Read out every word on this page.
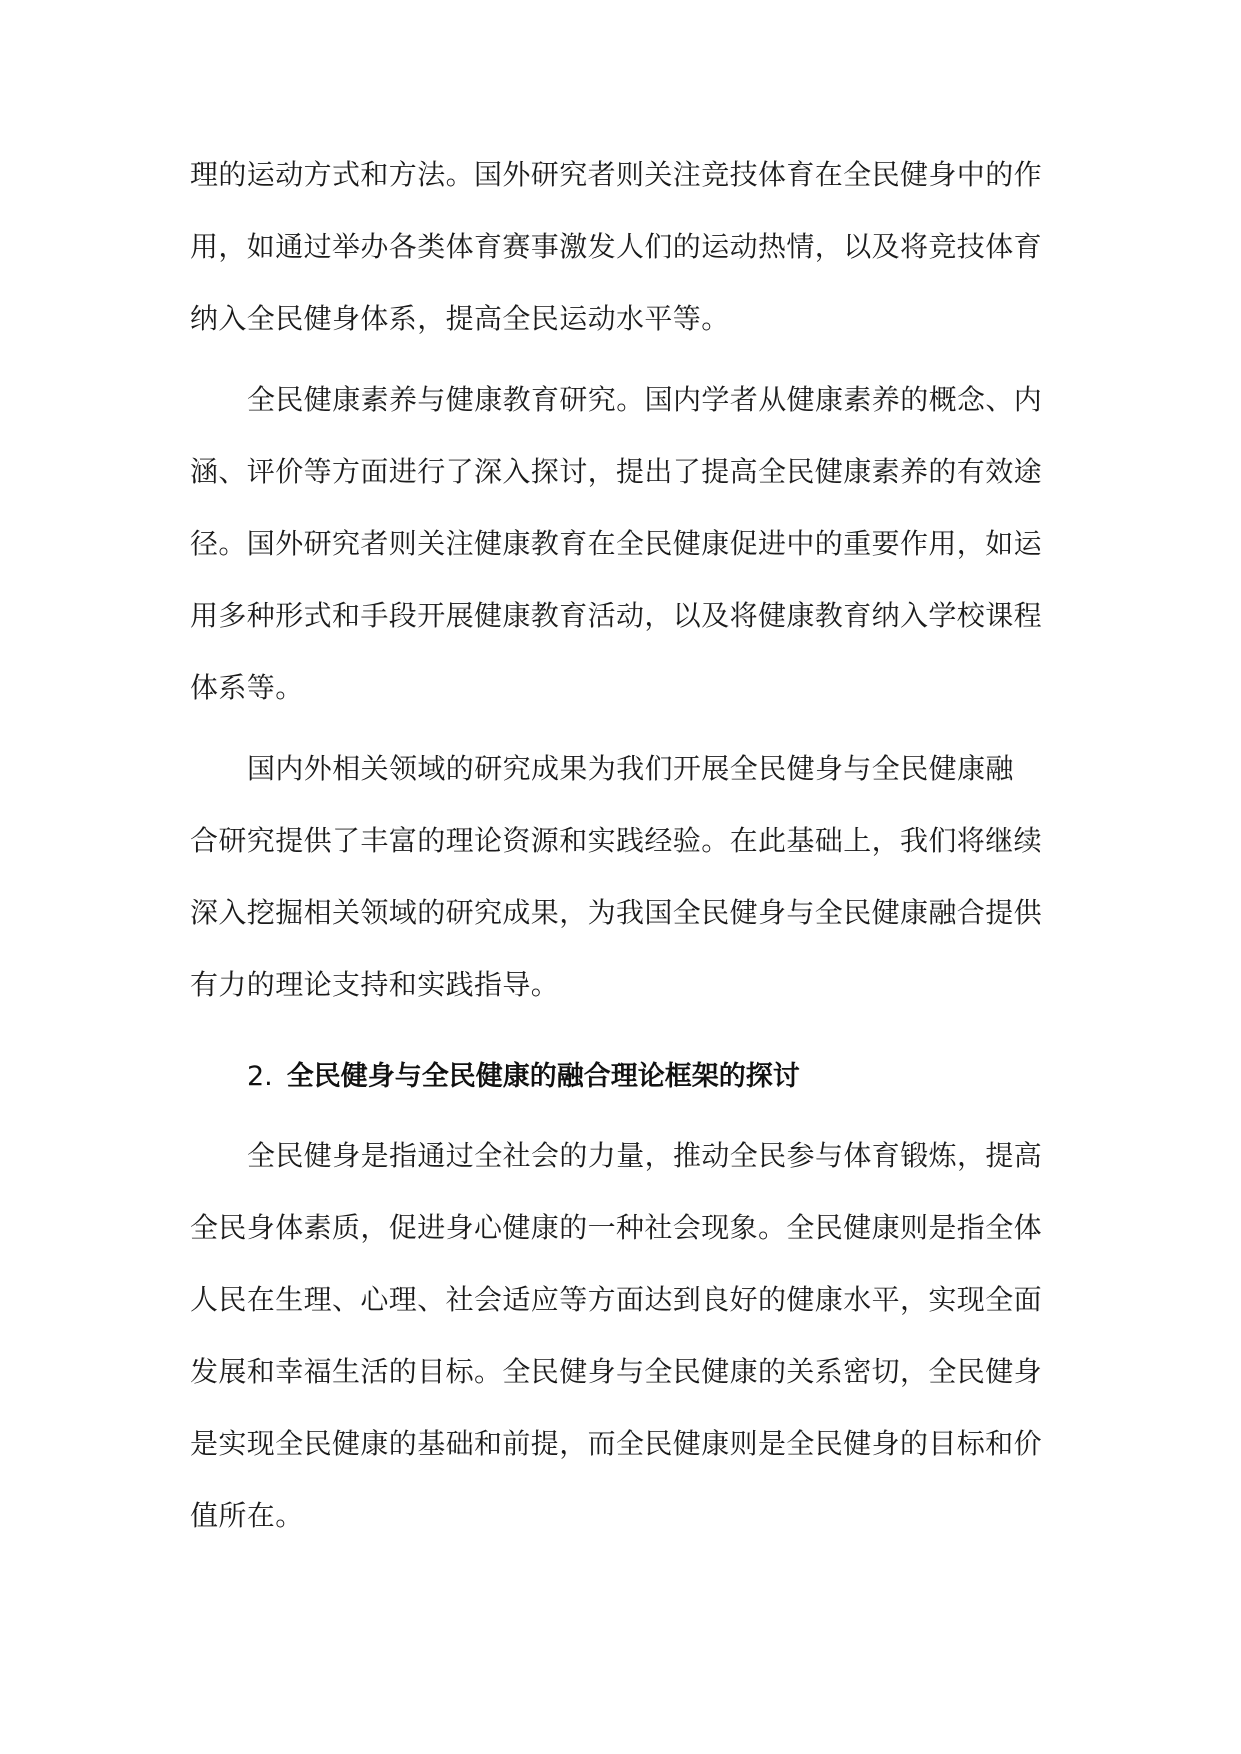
理的运动方式和方法。国外研究者则关注竞技体育在全民健身中的作
用，如通过举办各类体育赛事激发人们的运动热情，以及将竞技体育
纳入全民健身体系，提高全民运动水平等。
全民健康素养与健康教育研究。国内学者从健康素养的概念、内
涵、评价等方面进行了深入探讨，提出了提高全民健康素养的有效途
径。国外研究者则关注健康教育在全民健康促进中的重要作用，如运
用多种形式和手段开展健康教育活动，以及将健康教育纳入学校课程
体系等。
国内外相关领域的研究成果为我们开展全民健身与全民健康融
合研究提供了丰富的理论资源和实践经验。在此基础上，我们将继续
深入挖掘相关领域的研究成果，为我国全民健身与全民健康融合提供
有力的理论支持和实践指导。
2. 全民健身与全民健康的融合理论框架的探讨
全民健身是指通过全社会的力量，推动全民参与体育锻炼，提高
全民身体素质，促进身心健康的一种社会现象。全民健康则是指全体
人民在生理、心理、社会适应等方面达到良好的健康水平，实现全面
发展和幸福生活的目标。全民健身与全民健康的关系密切，全民健身
是实现全民健康的基础和前提，而全民健康则是全民健身的目标和价
值所在。
